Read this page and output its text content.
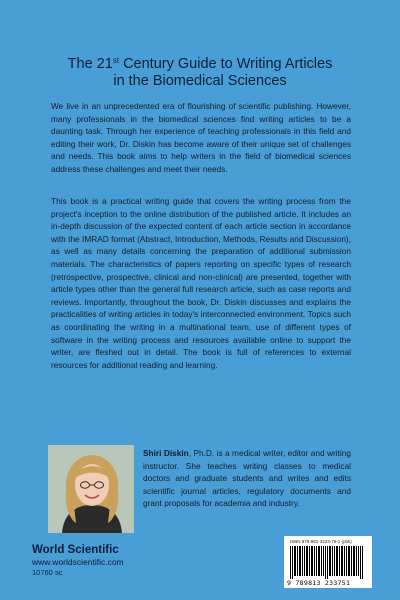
The 21st Century Guide to Writing Articles
in the Biomedical Sciences

We live in an unprecedented era of flourishing of scientific publishing. However, many professionals in the biomedical sciences find writing articles to be a daunting task. Through her experience of teaching professionals in this field and editing their work, Dr. Diskin has become aware of their unique set of challenges and needs. This book aims to help writers in the field of biomedical sciences address these challenges and meet their needs.

This book is a practical writing guide that covers the writing process from the project's inception to the online distribution of the published article. It includes an in-depth discussion of the expected content of each article section in accordance with the IMRAD format (Abstract, Introduction, Methods, Results and Discussion), as well as many details concerning the preparation of additional submission materials. The characteristics of papers reporting on specific types of research (retrospective, prospective, clinical and non-clinical) are presented, together with article types other than the general full research article, such as case reports and reviews. Importantly, throughout the book, Dr. Diskin discusses and explains the practicalities of writing articles in today's interconnected environment. Topics such as coordinating the writing in a multinational team, use of different types of software in the writing process and resources available online to support the writer, are fleshed out in detail. The book is full of references to external resources for additional reading and learning.

Shiri Diskin, Ph.D. is a medical writer, editor and writing instructor. She teaches writing classes to medical doctors and graduate students and writes and edits scientific journal articles, regulatory documents and grant proposals for academia and industry.

World Scientific
www.worldscientific.com
10760 sc
ISBN 978-981-3233-75-1 (pbk)
9 789813 233751
